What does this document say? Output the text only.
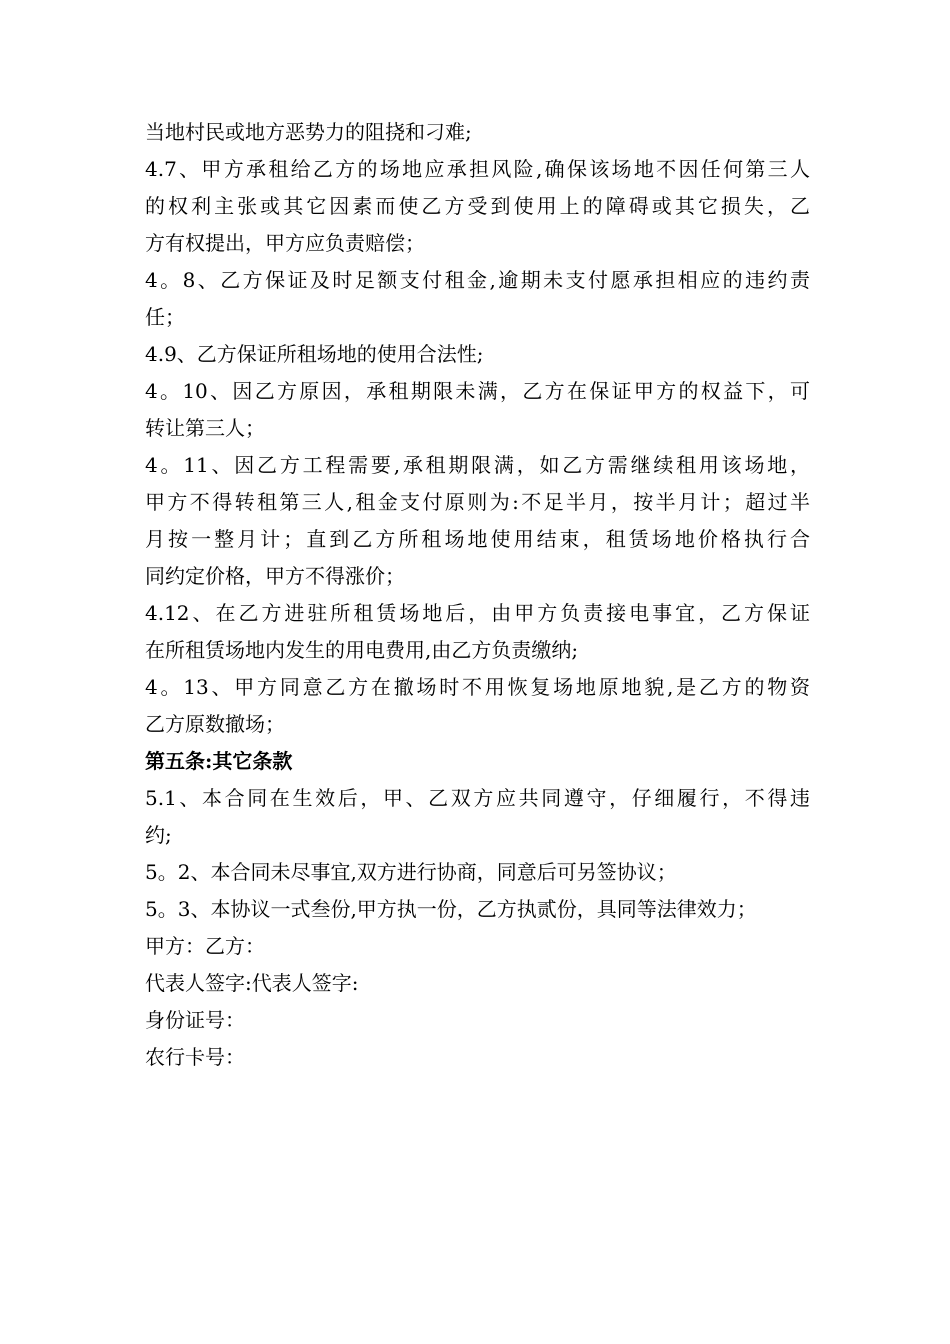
当地村民或地方恶势力的阻挠和刁难;
4.7、甲方承租给乙方的场地应承担风险,确保该场地不因任何第三人
的权利主张或其它因素而使乙方受到使用上的障碍或其它损失，乙
方有权提出，甲方应负责赔偿；
4。8、乙方保证及时足额支付租金,逾期未支付愿承担相应的违约责
任；
4.9、乙方保证所租场地的使用合法性;
4。10、因乙方原因，承租期限未满，乙方在保证甲方的权益下，可
转让第三人；
4。11、因乙方工程需要,承租期限满，如乙方需继续租用该场地，
甲方不得转租第三人,租金支付原则为:不足半月，按半月计；超过半
月按一整月计；直到乙方所租场地使用结束，租赁场地价格执行合
同约定价格，甲方不得涨价；
4.12、在乙方进驻所租赁场地后，由甲方负责接电事宜，乙方保证
在所租赁场地内发生的用电费用,由乙方负责缴纳;
4。13、甲方同意乙方在撤场时不用恢复场地原地貌,是乙方的物资
乙方原数撤场；
第五条:其它条款
5.1、本合同在生效后，甲、乙双方应共同遵守，仔细履行，不得违
约;
5。2、本合同未尽事宜,双方进行协商，同意后可另签协议；
5。3、本协议一式叁份,甲方执一份，乙方执贰份，具同等法律效力；
甲方：乙方：
代表人签字:代表人签字:
身份证号：
农行卡号：
